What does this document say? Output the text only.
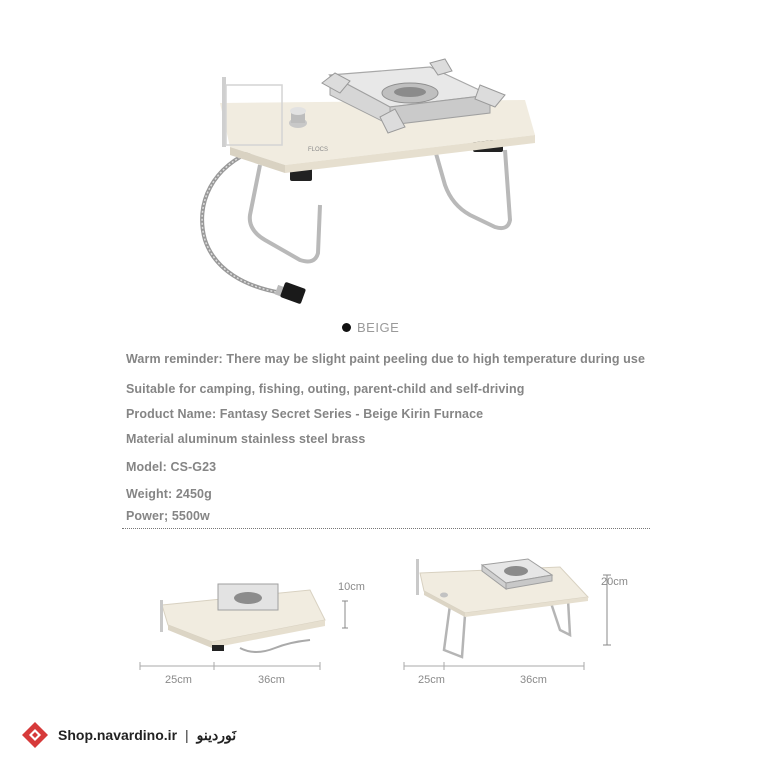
FLOCS
BEIGE
Warm reminder: There may be slight paint peeling due to high temperature during use
Suitable for camping, fishing, outing, parent-child and self-driving
Product Name: Fantasy Secret Series - Beige Kirin Furnace
Material aluminum stainless steel brass
Model: CS-G23
Weight: 2450g
Power; 5500w
10cm
25cm	36cm
20cm
25cm	36cm
Shop.navardino.ir | نَوردینو
